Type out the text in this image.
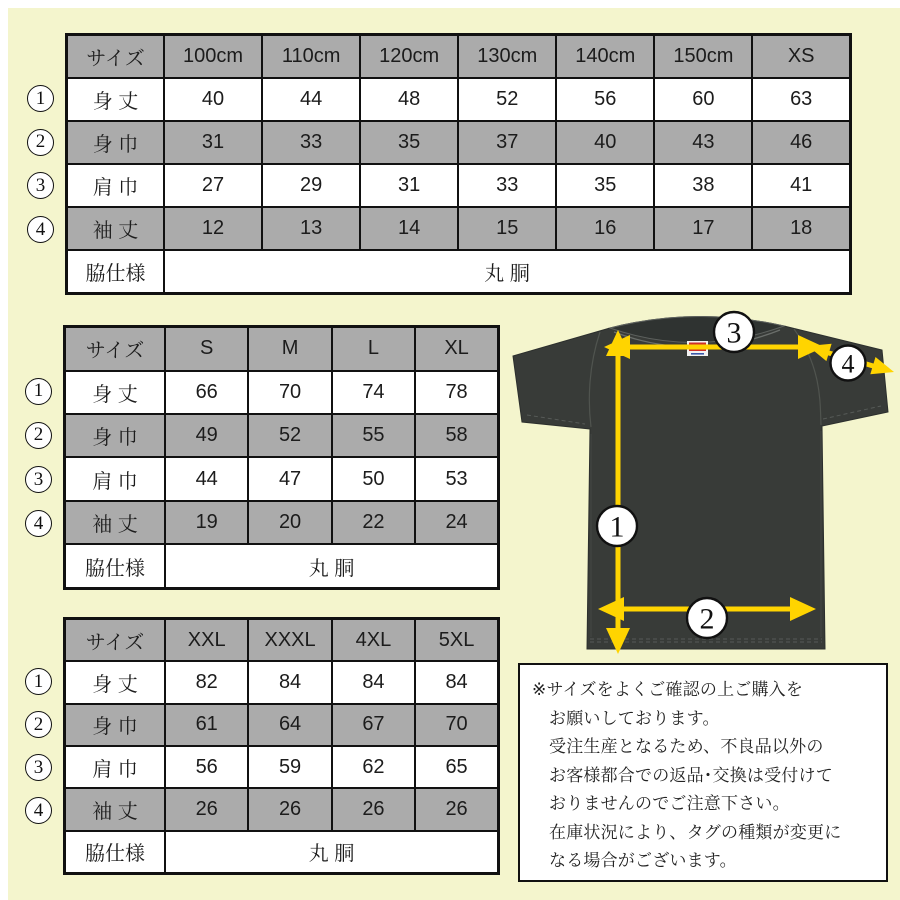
1
2
3
4
サイズ	100cm	110cm	120cm	130cm	140cm	150cm	XS
身 丈	40	44	48	52	56	60	63
身 巾	31	33	35	37	40	43	46
肩 巾	27	29	31	33	35	38	41
袖 丈	12	13	14	15	16	17	18
脇仕様	丸 胴						
1
2
3
4
サイズ	S	M	L	XL
身 丈	66	70	74	78
身 巾	49	52	55	58
肩 巾	44	47	50	53
袖 丈	19	20	22	24
脇仕様	丸 胴			
1
2
3
4
サイズ	XXL	XXXL	4XL	5XL
身 丈	82	84	84	84
身 巾	61	64	67	70
肩 巾	56	59	62	65
袖 丈	26	26	26	26
脇仕様	丸 胴			
1
2
3
4
※サイズをよくご確認の上ご購入を
お願いしております。
受注生産となるため、不良品以外の
お客様都合での返品･交換は受付けて
おりませんのでご注意下さい。
在庫状況により、タグの種類が変更に
なる場合がございます。
